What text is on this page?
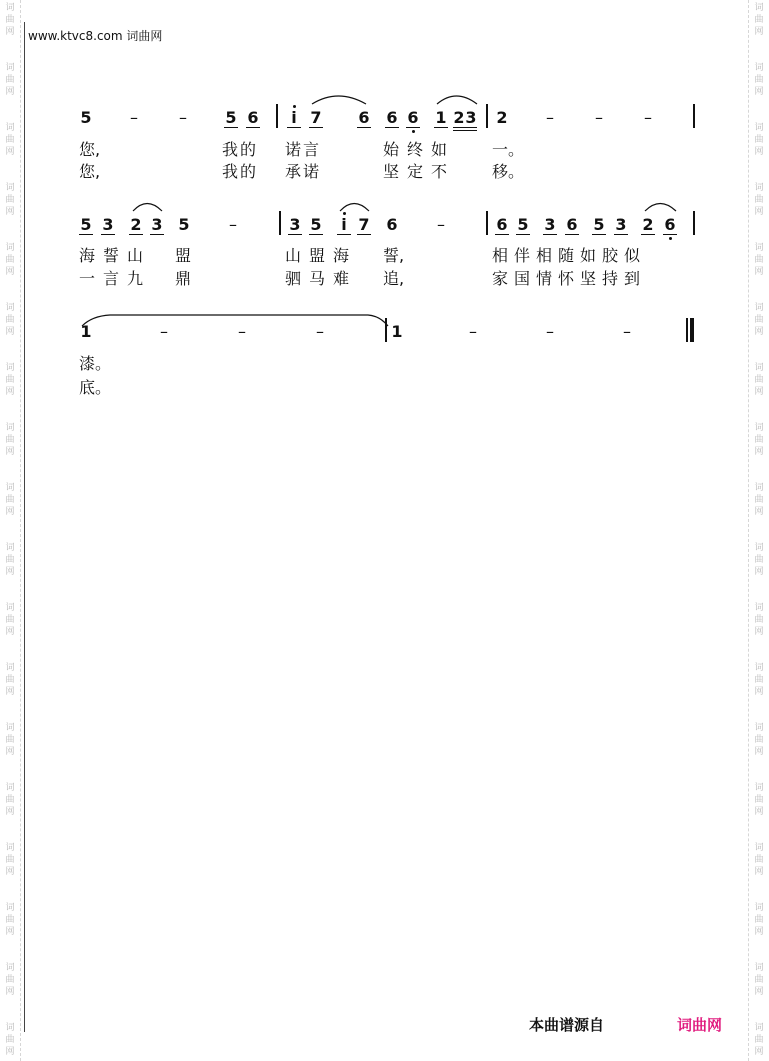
词
曲
网
词
曲
网
词
曲
网
词
曲
网
词
曲
网
词
曲
网
词
曲
网
词
曲
网
词
曲
网
词
曲
网
词
曲
网
词
曲
网
词
曲
网
词
曲
网
词
曲
网
词
曲
网
词
曲
网
词
曲
网
词
曲
网
词
曲
网
词
曲
网
词
曲
网
词
曲
网
词
曲
网
词
曲
网
词
曲
网
词
曲
网
词
曲
网
词
曲
网
词
曲
网
词
曲
网
词
曲
网
词
曲
网
词
曲
网
词
曲
网
词
曲
网
www.ktvc8.com 词曲网
5 –	– 5 6 i 7 6 6 6 1 2 3 2 –	–	–
您,	我的 诺言	始终如 一。
您,	我的 承诺	坚定不 移。
5 3 2 3 5 –	3 5 i 7 6 –	6 5 3 6 5 3 2 6
海誓山 盟	山盟海 誓,	相伴相随如胶似
一言九 鼎	驷马难 追,	家国情怀坚持到
1	–	–	–	1	–	–	–
漆。
底。
本曲谱源自	词曲网
